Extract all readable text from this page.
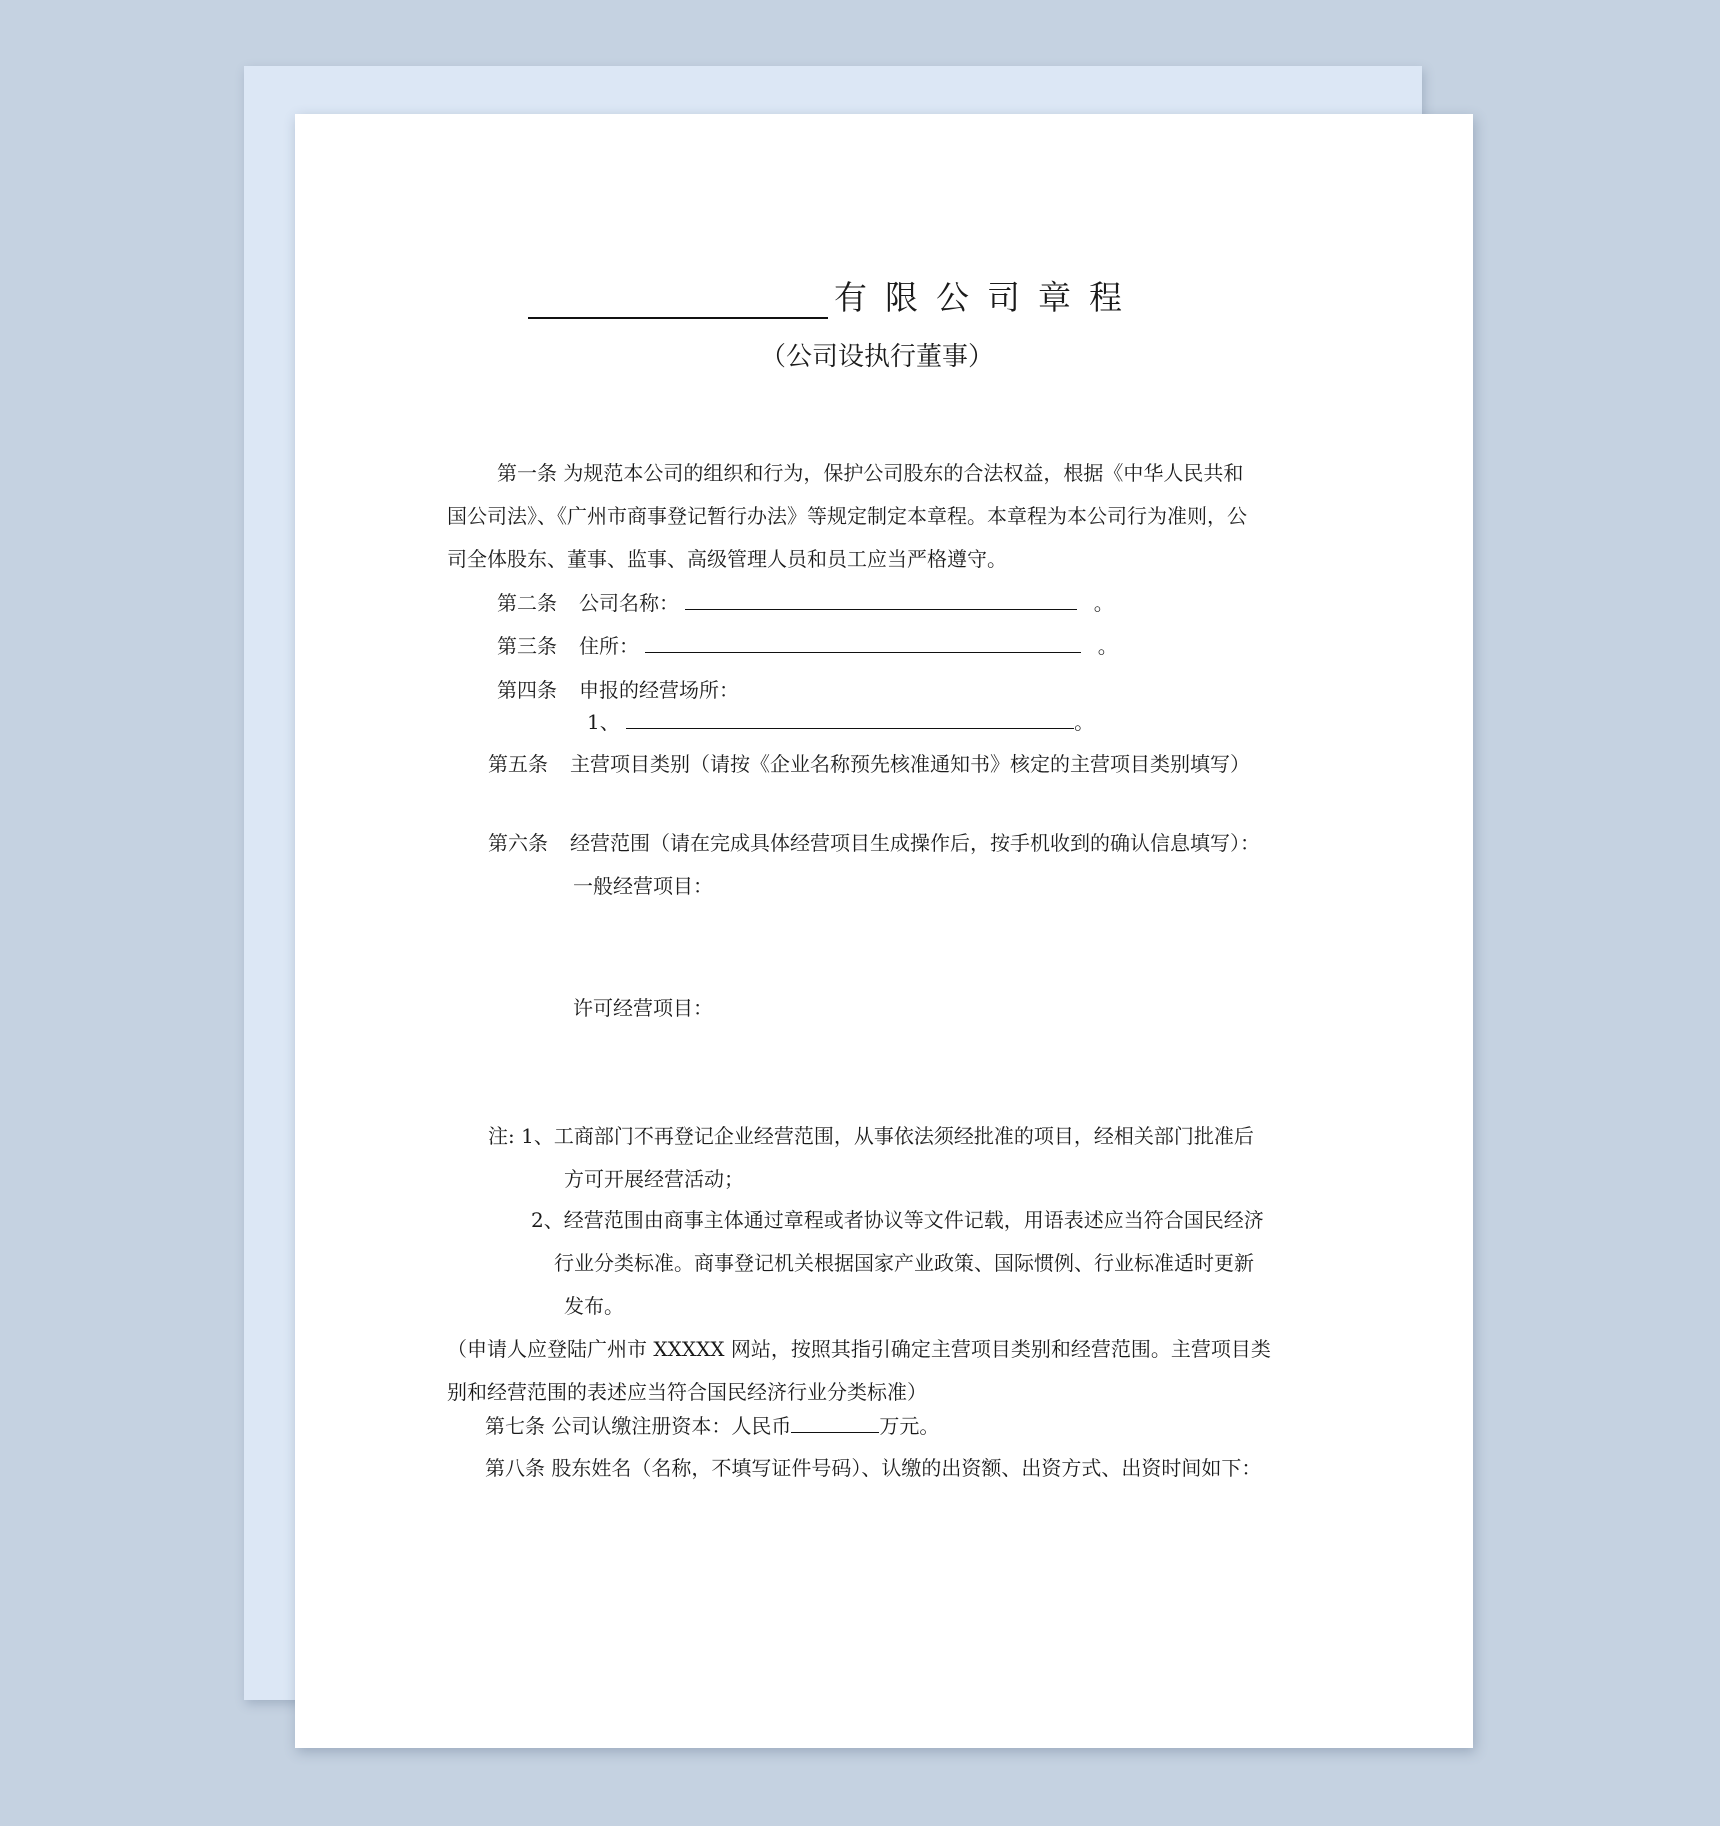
有限公司章程
（公司设执行董事）
第一条 为规范本公司的组织和行为，保护公司股东的合法权益，根据《中华人民共和
国公司法》、《广州市商事登记暂行办法》等规定制定本章程。本章程为本公司行为准则，公
司全体股东、董事、监事、高级管理人员和员工应当严格遵守。
第二条 公司名称：	。
第三条 住所：	。
第四条 申报的经营场所：
1、	。
第五条 主营项目类别（请按《企业名称预先核准通知书》核定的主营项目类别填写）
第六条 经营范围（请在完成具体经营项目生成操作后，按手机收到的确认信息填写）：
一般经营项目：
许可经营项目：
注: 1、工商部门不再登记企业经营范围，从事依法须经批准的项目，经相关部门批准后
方可开展经营活动；
2、经营范围由商事主体通过章程或者协议等文件记载，用语表述应当符合国民经济
行业分类标准。商事登记机关根据国家产业政策、国际惯例、行业标准适时更新
发布。
（申请人应登陆广州市 XXXXX 网站，按照其指引确定主营项目类别和经营范围。主营项目类
别和经营范围的表述应当符合国民经济行业分类标准）
第七条 公司认缴注册资本：人民币	万元。
第八条 股东姓名（名称，不填写证件号码）、认缴的出资额、出资方式、出资时间如下：
